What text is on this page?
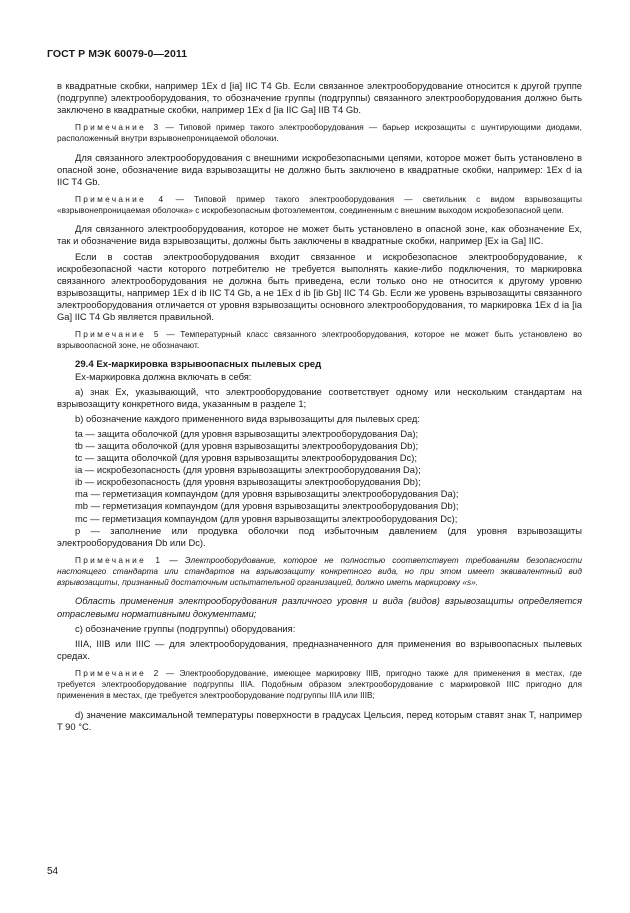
ГОСТ Р МЭК 60079-0—2011

в квадратные скобки, например 1Ex d [ia] IIC T4 Gb. Если связанное электрооборудование относится к другой группе (подгруппе) электрооборудования, то обозначение группы (подгруппы) связанного электрооборудования должно быть заключено в квадратные скобки, например 1Ex d [ia IIC Ga] IIB T4 Gb.

Примечание 3 — Типовой пример такого электрооборудования — барьер искрозащиты с шунтирующими диодами, расположенный внутри взрывонепроницаемой оболочки.

Для связанного электрооборудования с внешними искробезопасными цепями, которое может быть установлено в опасной зоне, обозначение вида взрывозащиты не должно быть заключено в квадратные скобки, например: 1Ex d ia IIC T4 Gb.

Примечание 4 — Типовой пример такого электрооборудования — светильник с видом взрывозащиты «взрывонепроницаемая оболочка» с искробезопасным фотоэлементом, соединенным с внешним выходом искробезопасной цепи.

Для связанного электрооборудования, которое не может быть установлено в опасной зоне, как обозначение Ex, так и обозначение вида взрывозащиты, должны быть заключены в квадратные скобки, например [Ex ia Ga] IIC.

Если в состав электрооборудования входит связанное и искробезопасное электрооборудование, к искробезопасной части которого потребителю не требуется выполнять какие-либо подключения, то маркировка связанного электрооборудования не должна быть приведена, если только оно не относится к другому уровню взрывозащиты, например 1Ex d ib IIC T4 Gb, а не 1Ex d ib [ib Gb] IIC T4 Gb. Если же уровень взрывозащиты связанного электрооборудования отличается от уровня взрывозащиты основного электрооборудования, то маркировка 1Ex d ia [ia Ga] IIC T4 Gb является правильной.

Примечание 5 — Температурный класс связанного электрооборудования, которое не может быть установлено во взрывоопасной зоне, не обозначают.

29.4 Ex-маркировка взрывоопасных пылевых сред

Ex-маркировка должна включать в себя:

а) знак Ex, указывающий, что электрооборудование соответствует одному или нескольким стандартам на взрывозащиту конкретного вида, указанным в разделе 1;

b) обозначение каждого примененного вида взрывозащиты для пылевых сред:

ta — защита оболочкой (для уровня взрывозащиты электрооборудования Da);

tb — защита оболочкой (для уровня взрывозащиты электрооборудования Db);

tc — защита оболочкой (для уровня взрывозащиты электрооборудования Dc);

ia — искробезопасность (для уровня взрывозащиты электрооборудования Da);

ib — искробезопасность (для уровня взрывозащиты электрооборудования Db);

ma — герметизация компаундом (для уровня взрывозащиты электрооборудования Da);

mb — герметизация компаундом (для уровня взрывозащиты электрооборудования Db);

mc — герметизация компаундом (для уровня взрывозащиты электрооборудования Dc);

p — заполнение или продувка оболочки под избыточным давлением (для уровня взрывозащиты электрооборудования Db или Dc).

Примечание 1 — Электрооборудование, которое не полностью соответствует требованиям безопасности настоящего стандарта или стандартов на взрывозащиту конкретного вида, но при этом имеет эквивалентный вид взрывозащиты, признанный достаточным испытательной организацией, должно иметь маркировку «s».

Область применения электрооборудования различного уровня и вида (видов) взрывозащиты определяется отраслевыми нормативными документами;

c) обозначение группы (подгруппы) оборудования:

IIIA, IIIB или IIIC — для электрооборудования, предназначенного для применения во взрывоопасных пылевых средах.

Примечание 2 — Электрооборудование, имеющее маркировку IIIB, пригодно также для применения в местах, где требуется электрооборудование подгруппы IIIA. Подобным образом электрооборудование с маркировкой IIIC пригодно для применения в местах, где требуется электрооборудование подгруппы IIIA или IIIB;

d) значение максимальной температуры поверхности в градусах Цельсия, перед которым ставят знак T, например T 90 °C.

54
